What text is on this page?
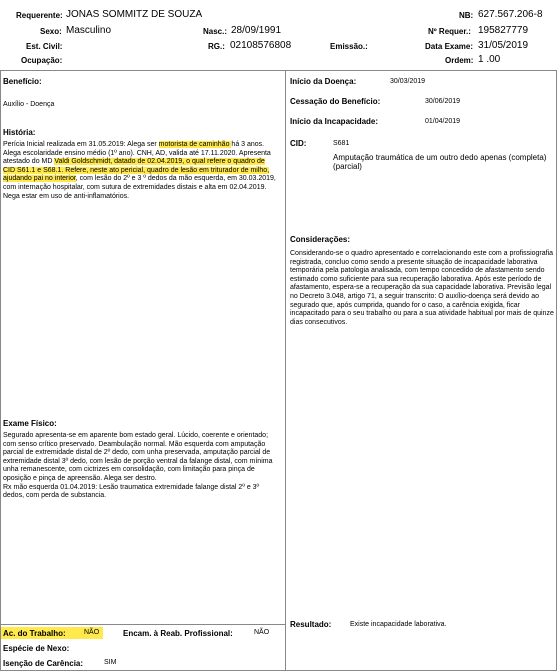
Requerente: JONAS SOMMITZ DE SOUZA	NB: 627.567.206-8
Sexo: Masculino	Nasc.: 28/09/1991	Nº Requer.: 195827779
Est. Civil:	RG.: 02108576808	Emissão.:	Data Exame: 31/05/2019
Ocupação:	Ordem: 1 .00
Benefício:
Auxílio - Doença
História:
Perícia Inicial realizada em 31.05.2019: Alega ser motorista de caminhão há 3 anos.
Alega escolaridade ensino médio (1º ano). CNH, AD, valida até 17.11.2020. Apresenta
atestado do MD Valdi Goldschmidt, datado de 02.04.2019, o qual refere o quadro de
CID S61.1 e S68.1. Refere, neste ato pericial, quadro de lesão em triturador de milho,
ajudando pai no interior, com lesão do 2º e 3 º dedos da mão esquerda, em 30.03.2019,
com internação hospitalar, com sutura de extremidades distais e alta em 02.04.2019.
Nega estar em uso de anti-inflamatórios.
Exame Físico:
Segurado apresenta-se em aparente bom estado geral. Lúcido, coerente e orientado;
com senso crítico preservado. Deambulação normal. Mão esquerda com amputação
parcial de extremidade distal de 2º dedo, com unha preservada, amputação parcial de
extremidade distal 3º dedo, com lesão de porção ventral da falange distal, com mínima
unha remanescente, com cictrizes em consolidação, com limitação para pinça de
oposição e pinça de apreensão. Alega ser destro.
Rx mão esquerda 01.04.2019: Lesão traumatica extremidade falange distal 2º e 3º
dedos, com perda de substancia.
Ac. do Trabalho:	NÃO	Encam. à Reab. Profissional:	NÃO
Espécie de Nexo:
Isenção de Carência:	SIM
Início da Doença:	30/03/2019
Cessação do Benefício:	30/06/2019
Início da Incapacidade:	01/04/2019
CID:	S681
Amputação traumática de um outro dedo apenas (completa)
(parcial)
Considerações:
Considerando-se o quadro apresentado e correlacionando este com a profissiografia
registrada, concluo como sendo a presente situação de incapacidade laborativa
temporária pela patologia analisada, com tempo concedido de afastamento sendo
estimado como suficiente para sua recuperação laborativa. Após este período de
afastamento, espera-se a recuperação da sua capacidade laborativa. Previsão legal
no Decreto 3.048, artigo 71, a seguir transcrito: O auxílio-doença será devido ao
segurado que, após cumprida, quando for o caso, a carência exigida, ficar
incapacitado para o seu trabalho ou para a sua atividade habitual por mais de quinze
dias consecutivos.
Resultado:	Existe incapacidade laborativa.
